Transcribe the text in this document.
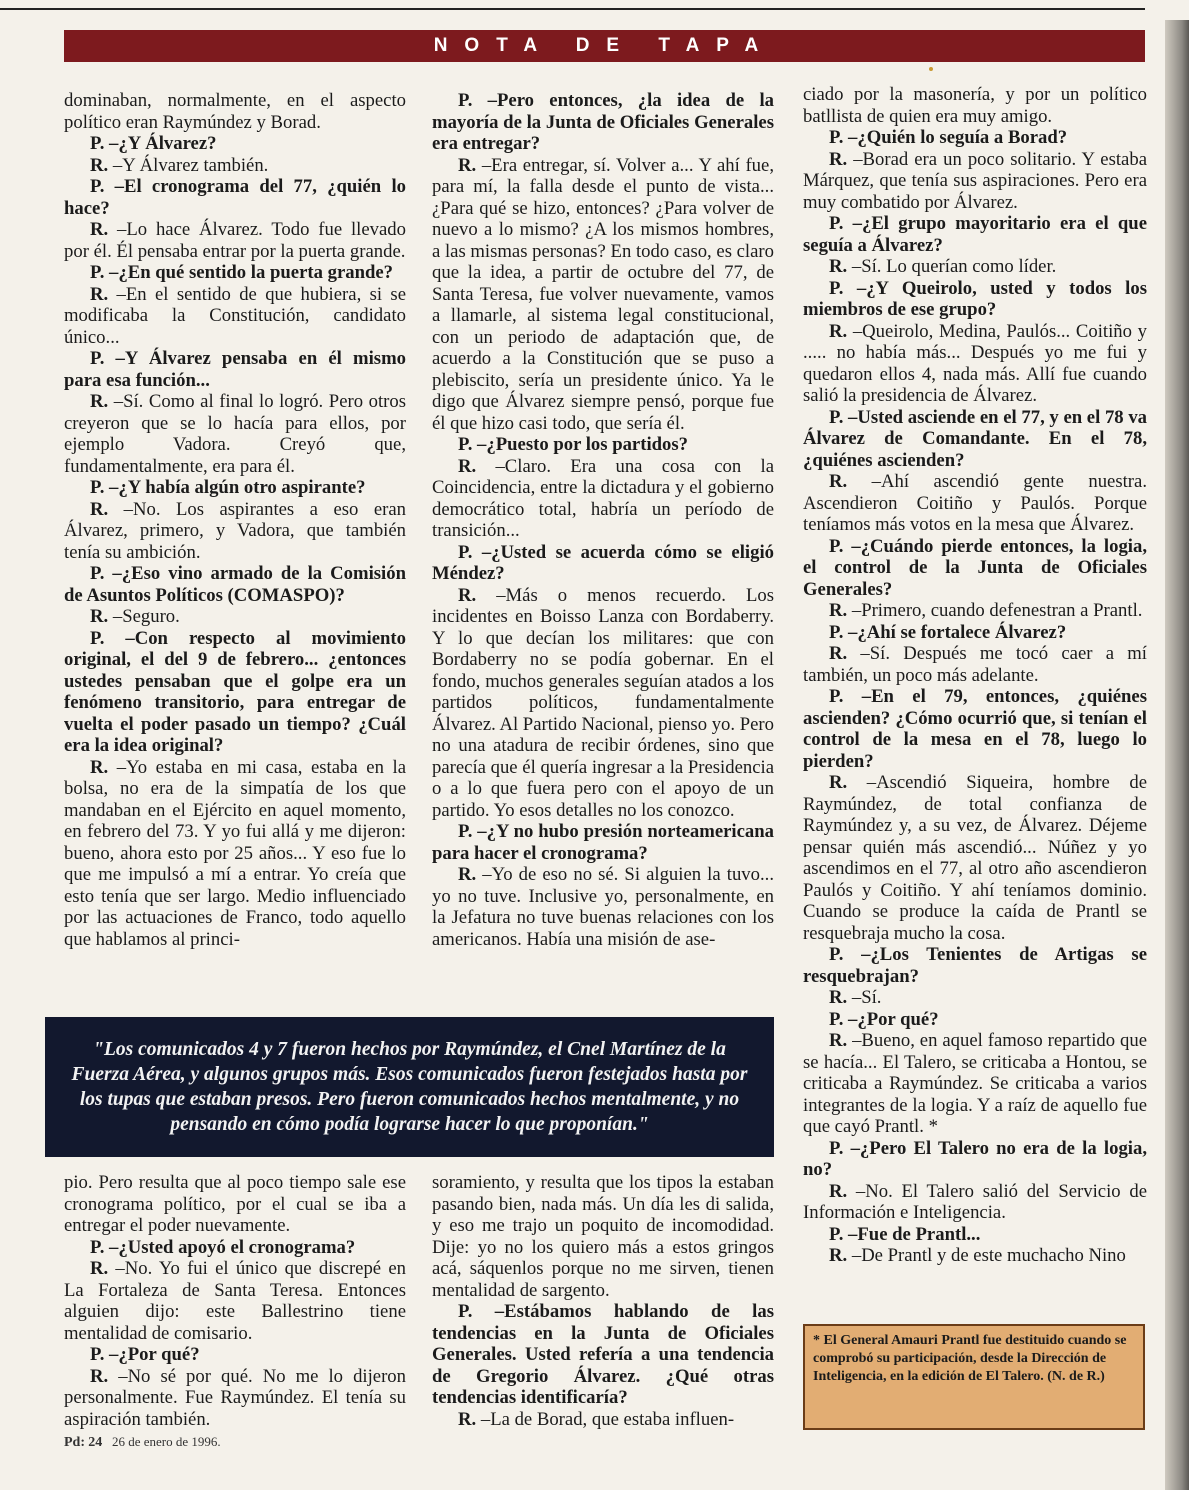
NOTA DE TAPA

dominaban, normalmente, en el aspecto político eran Raymúndez y Borad.

P. –¿Y Álvarez?

R. –Y Álvarez también.

P. –El cronograma del 77, ¿quién lo hace?

R. –Lo hace Álvarez. Todo fue llevado por él. Él pensaba entrar por la puerta grande.

P. –¿En qué sentido la puerta grande?

R. –En el sentido de que hubiera, si se modificaba la Constitución, candidato único...

P. –Y Álvarez pensaba en él mismo para esa función...

R. –Sí. Como al final lo logró. Pero otros creyeron que se lo hacía para ellos, por ejemplo Vadora. Creyó que, fundamentalmente, era para él.

P. –¿Y había algún otro aspirante?

R. –No. Los aspirantes a eso eran Álvarez, primero, y Vadora, que también tenía su ambición.

P. –¿Eso vino armado de la Comisión de Asuntos Políticos (COMASPO)?

R. –Seguro.

P. –Con respecto al movimiento original, el del 9 de febrero... ¿entonces ustedes pensaban que el golpe era un fenómeno transitorio, para entregar de vuelta el poder pasado un tiempo? ¿Cuál era la idea original?

R. –Yo estaba en mi casa, estaba en la bolsa, no era de la simpatía de los que mandaban en el Ejército en aquel momento, en febrero del 73. Y yo fui allá y me dijeron: bueno, ahora esto por 25 años... Y eso fue lo que me impulsó a mí a entrar. Yo creía que esto tenía que ser largo. Medio influenciado por las actuaciones de Franco, todo aquello que hablamos al princi-

P. –Pero entonces, ¿la idea de la mayoría de la Junta de Oficiales Generales era entregar?

R. –Era entregar, sí. Volver a... Y ahí fue, para mí, la falla desde el punto de vista... ¿Para qué se hizo, entonces? ¿Para volver de nuevo a lo mismo? ¿A los mismos hombres, a las mismas personas? En todo caso, es claro que la idea, a partir de octubre del 77, de Santa Teresa, fue volver nuevamente, vamos a llamarle, al sistema legal constitucional, con un periodo de adaptación que, de acuerdo a la Constitución que se puso a plebiscito, sería un presidente único. Ya le digo que Álvarez siempre pensó, porque fue él que hizo casi todo, que sería él.

P. –¿Puesto por los partidos?

R. –Claro. Era una cosa con la Coincidencia, entre la dictadura y el gobierno democrático total, habría un período de transición...

P. –¿Usted se acuerda cómo se eligió Méndez?

R. –Más o menos recuerdo. Los incidentes en Boisso Lanza con Bordaberry. Y lo que decían los militares: que con Bordaberry no se podía gobernar. En el fondo, muchos generales seguían atados a los partidos políticos, fundamentalmente Álvarez. Al Partido Nacional, pienso yo. Pero no una atadura de recibir órdenes, sino que parecía que él quería ingresar a la Presidencia o a lo que fuera pero con el apoyo de un partido. Yo esos detalles no los conozco.

P. –¿Y no hubo presión norteamericana para hacer el cronograma?

R. –Yo de eso no sé. Si alguien la tuvo... yo no tuve. Inclusive yo, personalmente, en la Jefatura no tuve buenas relaciones con los americanos. Había una misión de ase-

ciado por la masonería, y por un político batllista de quien era muy amigo.

P. –¿Quién lo seguía a Borad?

R. –Borad era un poco solitario. Y estaba Márquez, que tenía sus aspiraciones. Pero era muy combatido por Álvarez.

P. –¿El grupo mayoritario era el que seguía a Álvarez?

R. –Sí. Lo querían como líder.

P. –¿Y Queirolo, usted y todos los miembros de ese grupo?

R. –Queirolo, Medina, Paulós... Coitiño y ..... no había más... Después yo me fui y quedaron ellos 4, nada más. Allí fue cuando salió la presidencia de Álvarez.

P. –Usted asciende en el 77, y en el 78 va Álvarez de Comandante. En el 78, ¿quiénes ascienden?

R. –Ahí ascendió gente nuestra. Ascendieron Coitiño y Paulós. Porque teníamos más votos en la mesa que Álvarez.

P. –¿Cuándo pierde entonces, la logia, el control de la Junta de Oficiales Generales?

R. –Primero, cuando defenestran a Prantl.

P. –¿Ahí se fortalece Álvarez?

R. –Sí. Después me tocó caer a mí también, un poco más adelante.

P. –En el 79, entonces, ¿quiénes ascienden? ¿Cómo ocurrió que, si tenían el control de la mesa en el 78, luego lo pierden?

R. –Ascendió Siqueira, hombre de Raymúndez, de total confianza de Raymúndez y, a su vez, de Álvarez. Déjeme pensar quién más ascendió... Núñez y yo ascendimos en el 77, al otro año ascendieron Paulós y Coitiño. Y ahí teníamos dominio. Cuando se produce la caída de Prantl se resquebraja mucho la cosa.

P. –¿Los Tenientes de Artigas se resquebrajan?

R. –Sí.

P. –¿Por qué?

R. –Bueno, en aquel famoso repartido que se hacía... El Talero, se criticaba a Hontou, se criticaba a Raymúndez. Se criticaba a varios integrantes de la logia. Y a raíz de aquello fue que cayó Prantl. *

P. –¿Pero El Talero no era de la logia, no?

R. –No. El Talero salió del Servicio de Información e Inteligencia.

P. –Fue de Prantl...

R. –De Prantl y de este muchacho Nino

"Los comunicados 4 y 7 fueron hechos por Raymúndez, el Cnel Martínez de la Fuerza Aérea, y algunos grupos más. Esos comunicados fueron festejados hasta por los tupas que estaban presos. Pero fueron comunicados hechos mentalmente, y no pensando en cómo podía lograrse hacer lo que proponían."

pio. Pero resulta que al poco tiempo sale ese cronograma político, por el cual se iba a entregar el poder nuevamente.

P. –¿Usted apoyó el cronograma?

R. –No. Yo fui el único que discrepé en La Fortaleza de Santa Teresa. Entonces alguien dijo: este Ballestrino tiene mentalidad de comisario.

P. –¿Por qué?

R. –No sé por qué. No me lo dijeron personalmente. Fue Raymúndez. El tenía su aspiración también.

soramiento, y resulta que los tipos la estaban pasando bien, nada más. Un día les di salida, y eso me trajo un poquito de incomodidad. Dije: yo no los quiero más a estos gringos acá, sáquenlos porque no me sirven, tienen mentalidad de sargento.

P. –Estábamos hablando de las tendencias en la Junta de Oficiales Generales. Usted refería a una tendencia de Gregorio Álvarez. ¿Qué otras tendencias identificaría?

R. –La de Borad, que estaba influen-

* El General Amauri Prantl fue destituido cuando se comprobó su participación, desde la Dirección de Inteligencia, en la edición de El Talero. (N. de R.)
Pd: 24 26 de enero de 1996.
